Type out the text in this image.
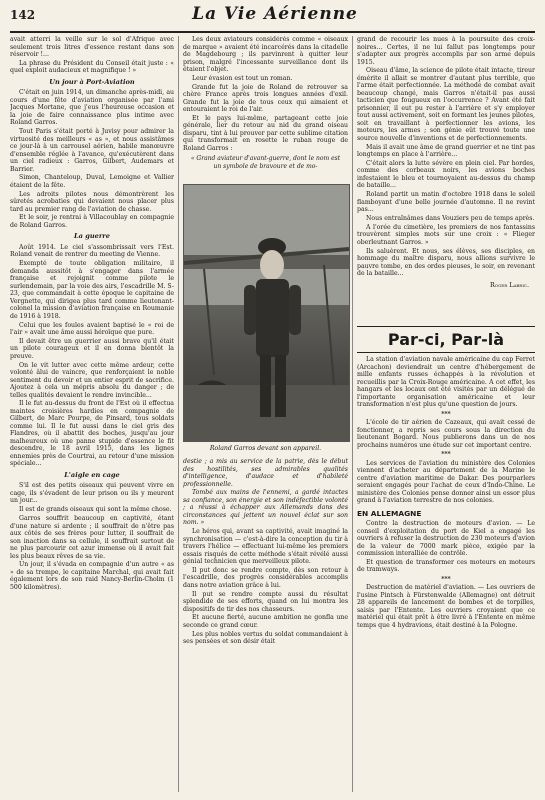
142	La Vie Aérienne

avait atterri la veille sur le sol d'Afrique avec seulement trois litres d'essence restant dans son réservoir !...

La phrase du Président du Conseil était juste : « quel exploit audacieux et magnifique ! »

Un jour à Port-Aviation

C'était en juin 1914, un dimanche après-midi, au cours d'une fête d'aviation organisée par l'ami Jacques Mortane, que j'eus l'heureuse occasion et la joie de faire connaissance plus intime avec Roland Garros.

Tout Paris s'était porté à Juvisy pour admirer la virtuosité des meilleurs « as », et nous assistâmes ce jour-là à un carrousel aérien, habile manœuvre d'ensemble réglée à l'avance, qu'exécutèrent dans un ciel radieux : Garros, Gilbert, Audemars et Barrier.

Simon, Chanteloup, Duval, Lemoigne et Vallier étaient de la fête.

Les adroits pilotes nous démontrèrent les sûretés acrobaties qui devaient nous placer plus tard au premier rang de l'aviation de chasse.

Et le soir, je rentrai à Villacoublay en compagnie de Roland Garros.

La guerre

Août 1914. Le ciel s'assombrissait vers l'Est. Roland venait de rentrer du meeting de Vienne.

Exempté de toute obligation militaire, il demanda aussitôt à s'engager dans l'armée française et rejoignit comme pilote le surlendemain, par la voie des airs, l'escadrille M. S-23, que commandait à cette époque le capitaine de Vergnette, qui dirigea plus tard comme lieutenant-colonel la mission d'aviation française en Roumanie de 1916 à 1918.

Celui que les foules avaient baptisé le « roi de l'air » avait une âme aussi héroïque que pure.

Il devait être un guerrier aussi brave qu'il était un pilote courageux et il en donna bientôt la preuve.

On le vit lutter avec cette même ardeur, cette volonté âlui de vaincre, que renforçaient le noble sentiment du devoir et un entier esprit de sacrifice. Ajoutez à cela un mépris absolu du danger ; de telles qualités devaient le rendre invincible...

Il le fut au-dessus du front de l'Est où il effectua maintes croisières hardies en compagnie de Gilbert, de Marc Pourpe, de Pinsard, tous soldats comme lui. Il le fut aussi dans le ciel gris des Flandres, où il abattit des boches, jusqu'au jour malheureux où une panne stupide d'essence le fit descendre, le 18 avril 1915, dans les lignes ennemies près de Courtrai, au retour d'une mission spéciale...

L'aigle en cage

S'il est des petits oiseaux qui peuvent vivre en cage, ils s'évadent de leur prison ou ils y meurent un jour...

Il est de grands oiseaux qui sont la même chose.

Garros souffrit beaucoup en captivité, étant d'une nature si ardente ; il souffrait de n'être pas aux côtés de ses frères pour lutter, il souffrait de son inaction dans sa cellule, il souffrait surtout de ne plus parcourir cet azur immense où il avait fait les plus beaux rêves de sa vie.

Un jour, il s'évada en compagnie d'un autre « as » de sa trempe, le capitaine Marchal, qui avait fait également lors de son raid Nancy-Berlin-Cholm (1 500 kilomètres).

Les deux aviateurs considérés comme « oiseaux de marque » avaient été incarcérés dans la citadelle de Magdebourg ; ils parvinrent à quitter leur prison, malgré l'incessante surveillance dont ils étaient l'objet.

Leur évasion est tout un roman.

Grande fut la joie de Roland de retrouver sa chère France après trois longues années d'exil. Grande fut la joie de tous ceux qui aimaient et entouraient le roi de l'air.

Et le pays lui-même, partageant cette joie générale, lier du retour au nid du grand oiseau disparu, tint à lui prouver par cette sublime citation qui transformait en rosette le ruban rouge de Roland Garros :

« Grand aviateur d'avant-guerre, dont le nom est un symbole de bravoure et de mo-
Roland Garros devant son appareil.

destie ; a mis au service de la patrie, dès le début des hostilités, ses admirables qualités d'intelligence, d'audace et d'habileté professionnelle.

Tombé aux mains de l'ennemi, a gardé intactes sa confiance, son énergie et son indéfectible volonté ; a réussi à échapper aux Allemands dans des circonstances qui jettent un nouvel éclat sur son nom. »

Le héros qui, avant sa captivité, avait imaginé la synchronisation — c'est-à-dire la conception du tir à travers l'hélice — effectuant lui-même les premiers essais risqués de cette méthode s'était révélé aussi génial technicien que merveilleux pilote.

Il put donc se rendre compte, dès son retour à l'escadrille, des progrès considérables accomplis dans notre aviation grâce à lui.

Il put se rendre compte aussi du résultat splendide de ses efforts, quand on lui montra les dispositifs de tir des nos chasseurs.

Et aucune fierté, aucune ambition ne gonfla une seconde ce grand cœur.

Les plus nobles vertus du soldat commandaient à ses pensées et son désir était

grand de recourir les nues à la poursuite des croix-noires... Certes, il ne lui fallut pas longtemps pour s'adapter aux progrès accomplis par son arme depuis 1915.

Oiseau d'âme, la science de pilote était intacte, tireur émérite il allait se montrer d'autant plus terrible, que l'arme était perfectionnée. La méthode de combat avait beaucoup changé, mais Garros n'était-il pas aussi tacticien que fougueux en l'occurrence ? Avant été fait prisonnier, il eut pu rester à l'arrière et s'y employer tout aussi activement, soit en formant les jeunes pilotes, soit en travaillant à perfectionner les avions, les moteurs, les armes ; son génie eût trouvé toute une source nouvelle d'inventions et de perfectionnements.

Mais il avait une âme de grand guerrier et ne tint pas longtemps en place à l'arrière...

C'était alors la lutte sévère en plein ciel. Par hordes, comme des corbeaux noirs, les avions boches infestaient le bleu et tournoyaient au-dessus du champ de bataille...

Roland partit un matin d'octobre 1918 dans le soleil flamboyant d'une belle journée d'automne. Il ne revint pas...

Nous entraînâmes dans Vouziers peu de temps après.

A l'orée du cimetière, les premiers de nos fantassins trouvèrent simples mots sur une croix : « Flieger oberleutnant Garros. »

Ils saluèrent. Et nous, ses élèves, ses disciples, en hommage du maître disparu, nous allions survivre le pauvre tombe, en des ordes pieuses, le soir, en revenant de la bataille...

Roger Labric.
Par-ci, Par-là

La station d'aviation navale américaine du cap Ferret (Arcachon) deviendrait un centre d'hébergement de mille enfants russes échappés à la révolution et recueillis par la Croix-Rouge américaine. A cet effet, les hangars et les locaux ont été visités par un délégué de l'importante organisation américaine et leur transformation n'est plus qu'une question de jours.

***

L'école de tir aérien de Cazeaux, qui avait cessé de fonctionner, a repris ses cours sous la direction du lieutenant Bogard. Nous publierons dans un de nos prochains numéros une étude sur cet important centre.

***

Les services de l'aviation du ministère des Colonies viennent d'acheter au département de la Marine le centre d'aviation maritime de Dakar. Des pourparlers seraient engagés pour l'achat de ceux d'Indo-Chine. Le ministère des Colonies pense donner ainsi un essor plus grand à l'aviation terrestre de nos colonies.

EN ALLEMAGNE

Contre la destruction de moteurs d'avion. — Le conseil d'exploitation du port de Kiel a engagé les ouvriers à refuser la destruction de 230 moteurs d'avion de la valeur de 7000 mark pièce, exigée par la commission interalliée de contrôle.

Et question de transformer ces moteurs en moteurs de tramways.

***

Destruction de matériel d'aviation. — Les ouvriers de l'usine Pintsch à Fürstenwalde (Allemagne) ont détruit 28 appareils de lancement de bombes et de torpilles, saisis par l'Entente. Les ouvriers croyaient que ce matériel qui était prêt à être livré à l'Entente en même temps que 4 hydravions, était destiné à la Pologne.
